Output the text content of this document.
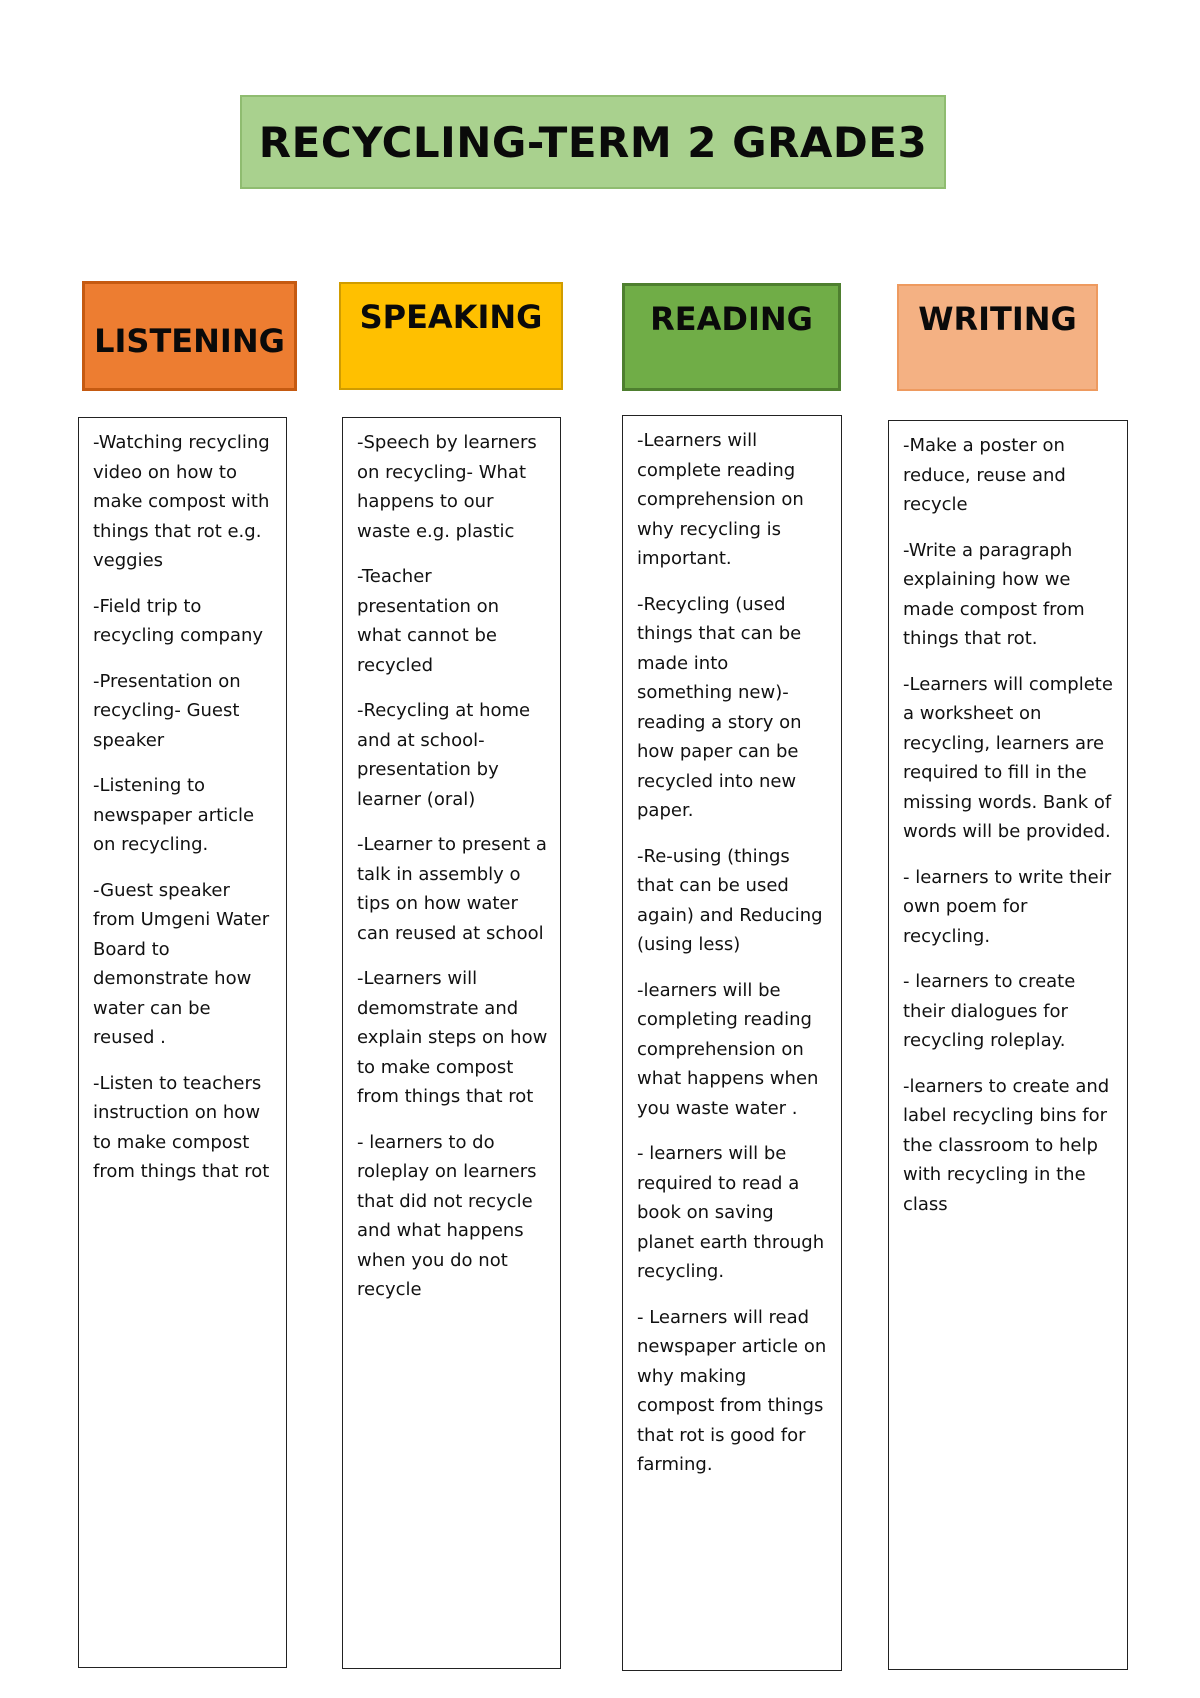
RECYCLING-TERM 2 GRADE3
LISTENING
SPEAKING	READING	WRITING

-Watching recycling video on how to make compost with things that rot e.g. veggies

-Field trip to recycling company

-Presentation on recycling- Guest speaker

-Listening to newspaper article on recycling.

-Guest speaker from Umgeni Water Board to demonstrate how water can be reused .

-Listen to teachers instruction on how to make compost from things that rot

-Speech by learners on recycling- What happens to our waste e.g. plastic

-Teacher presentation on what cannot be recycled

-Recycling at home and at school- presentation by learner (oral)

-Learner to present a talk in assembly o tips on how water can reused at school

-Learners will demomstrate and explain steps on how to make compost from things that rot

- learners to do roleplay on learners that did not recycle and what happens when you do not recycle

-Learners will complete reading comprehension on why recycling is important.

-Recycling (used things that can be made into something new)- reading a story on how paper can be recycled into new paper.

-Re-using (things that can be used again) and Reducing (using less)

-learners will be completing reading comprehension on what happens when you waste water .

- learners will be required to read a book on saving planet earth through recycling.

- Learners will read newspaper article on why making compost from things that rot is good for farming.

-Make a poster on reduce, reuse and recycle

-Write a paragraph explaining how we made compost from things that rot.

-Learners will complete a worksheet on recycling, learners are required to fill in the missing words. Bank of words will be provided.

- learners to write their own poem for recycling.

- learners to create their dialogues for recycling roleplay.

-learners to create and label recycling bins for the classroom to help with recycling in the class
